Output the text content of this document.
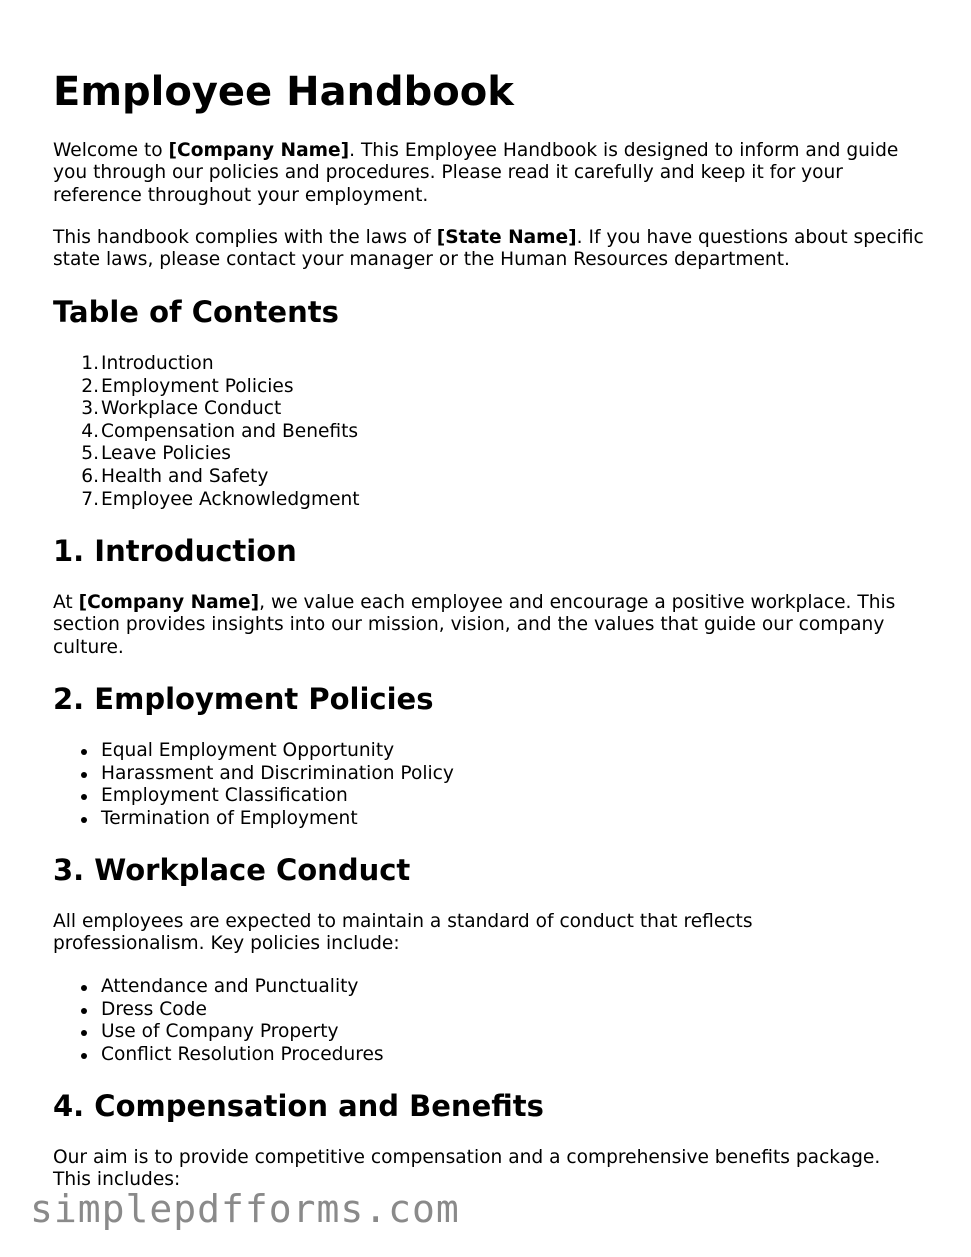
Employee Handbook

Welcome to [Company Name]. This Employee Handbook is designed to inform and guide you through our policies and procedures. Please read it carefully and keep it for your reference throughout your employment.

This handbook complies with the laws of [State Name]. If you have questions about specific state laws, please contact your manager or the Human Resources department.

Table of Contents
1. Introduction
2. Employment Policies
3. Workplace Conduct
4. Compensation and Benefits
5. Leave Policies
6. Health and Safety
7. Employee Acknowledgment
1. Introduction

At [Company Name], we value each employee and encourage a positive workplace. This section provides insights into our mission, vision, and the values that guide our company culture.

2. Employment Policies
Equal Employment Opportunity
Harassment and Discrimination Policy
Employment Classification
Termination of Employment
3. Workplace Conduct

All employees are expected to maintain a standard of conduct that reflects professionalism. Key policies include:

Attendance and Punctuality
Dress Code
Use of Company Property
Conflict Resolution Procedures
4. Compensation and Benefits

Our aim is to provide competitive compensation and a comprehensive benefits package. This includes:

simplepdfforms.com
